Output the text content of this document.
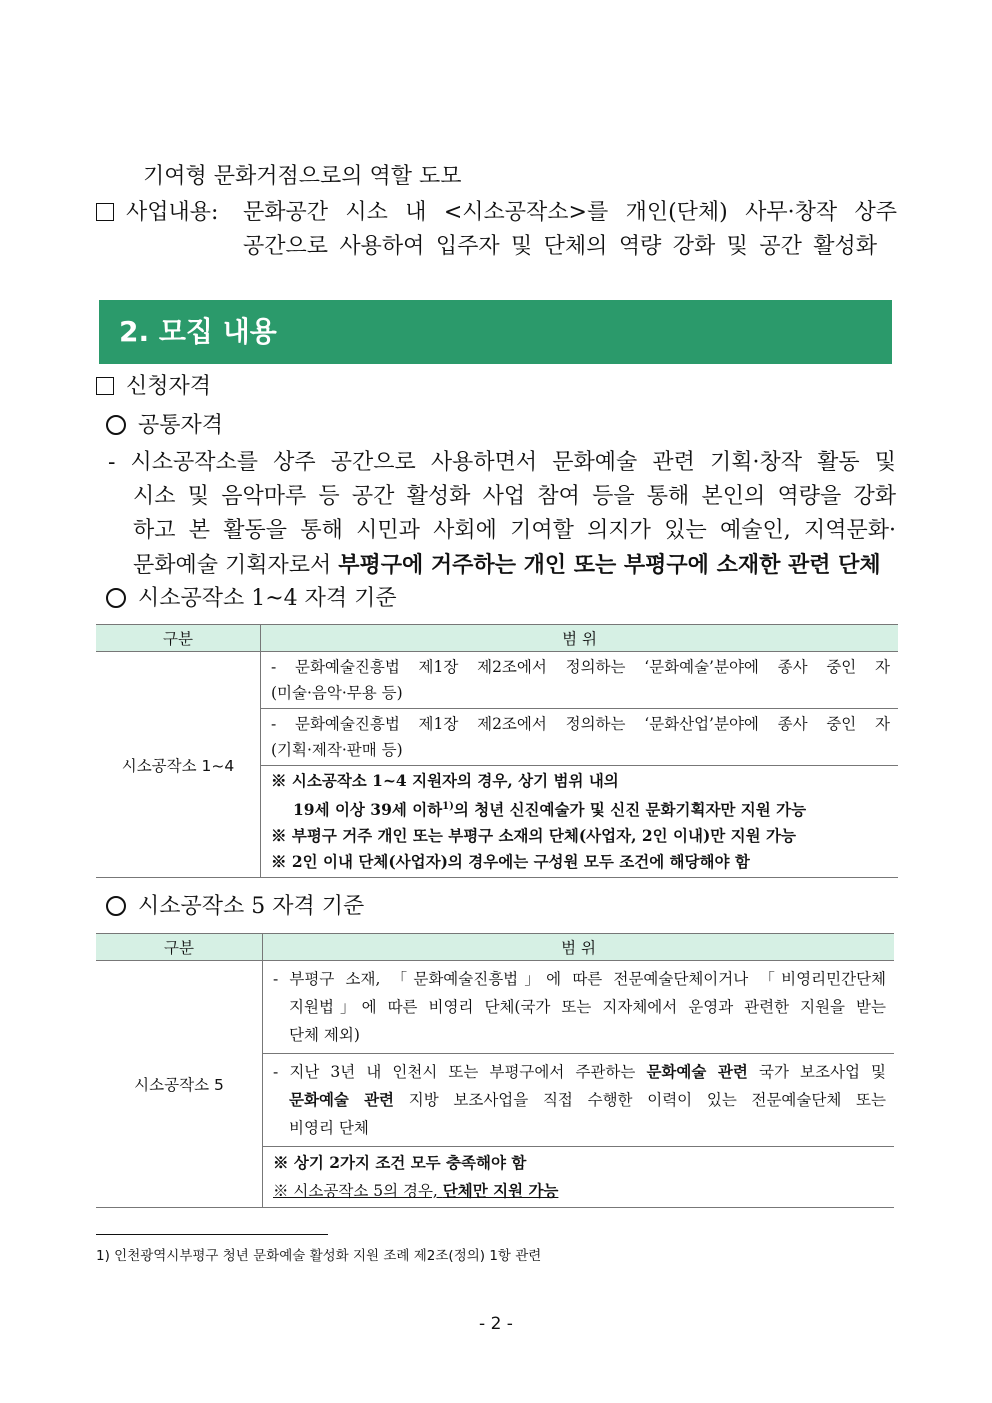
기여형 문화거점으로의 역할 도모
사업내용: 문화공간 시소 내 <시소공작소>를 개인(단체) 사무·창작 상주
공간으로 사용하여 입주자 및 단체의 역량 강화 및 공간 활성화
2. 모집 내용
신청자격
공통자격
- 시소공작소를 상주 공간으로 사용하면서 문화예술 관련 기획·창작 활동 및
시소 및 음악마루 등 공간 활성화 사업 참여 등을 통해 본인의 역량을 강화
하고 본 활동을 통해 시민과 사회에 기여할 의지가 있는 예술인, 지역문화·
문화예술 기획자로서 부평구에 거주하는 개인 또는 부평구에 소재한 관련 단체
시소공작소 1~4 자격 기준
구분	범 위
시소공작소 1~4	- 문화예술진흥법 제1장 제2조에서 정의하는 ‘문화예술’분야에 종사 중인 자
(미술·음악·무용 등)

	- 문화예술진흥법 제1장 제2조에서 정의하는 ‘문화산업’분야에 종사 중인 자
(기획·제작·판매 등)

	※ 시소공작소 1~4 지원자의 경우, 상기 범위 내의
19세 이상 39세 이하$^{1)}$의 청년 신진예술가 및 신진 문화기획자만 지원 가능
※ 부평구 거주 개인 또는 부평구 소재의 단체(사업자, 2인 이내)만 지원 가능
※ 2인 이내 단체(사업자)의 경우에는 구성원 모두 조건에 해당해야 함
시소공작소 5 자격 기준
구분	범 위
시소공작소 5	- 부평구 소재, 「문화예술진흥법」에 따른 전문예술단체이거나 「비영리민간단체
지원법」에 따른 비영리 단체(국가 또는 지자체에서 운영과 관련한 지원을 받는
단체 제외)

	- 지난 3년 내 인천시 또는 부평구에서 주관하는 문화예술 관련 국가 보조사업 및
문화예술 관련 지방 보조사업을 직접 수행한 이력이 있는 전문예술단체 또는
비영리 단체

	※ 상기 2가지 조건 모두 충족해야 함
※ 시소공작소 5의 경우, 단체만 지원 가능
1) 인천광역시부평구 청년 문화예술 활성화 지원 조례 제2조(정의) 1항 관련
- 2 -
